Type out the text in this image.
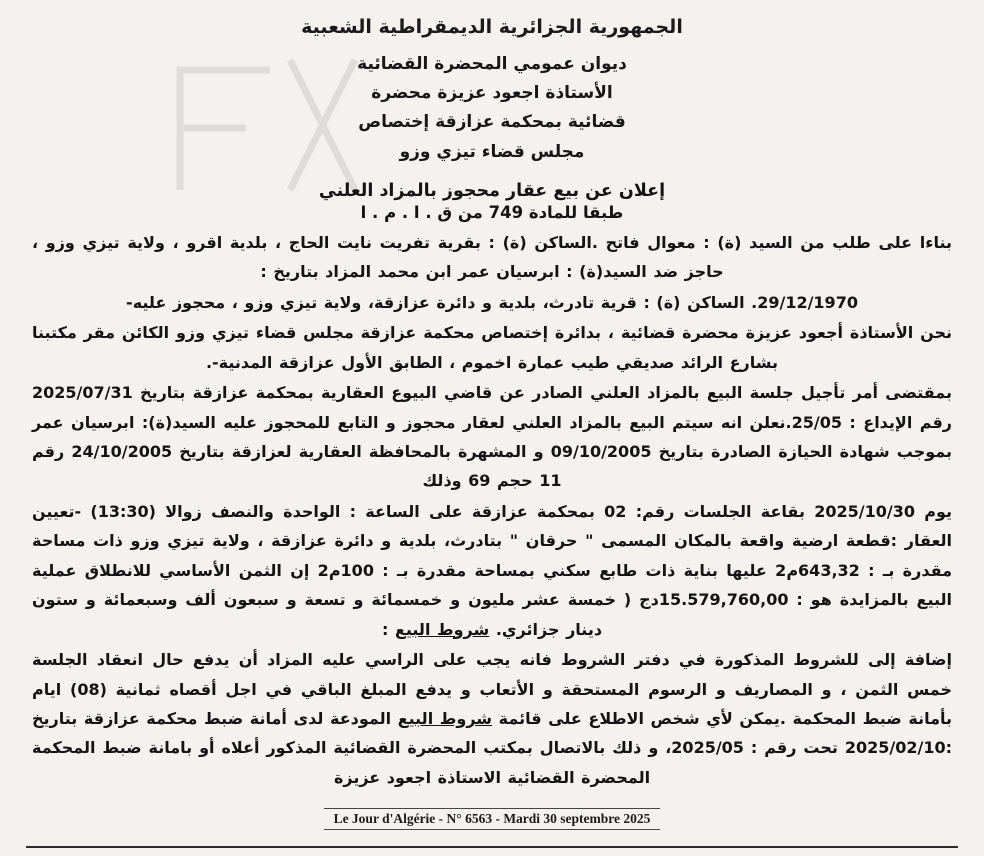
الجمهورية الجزائرية الديمقراطية الشعبية
ديوان عمومي المحضرة القضائية
الأستاذة اجعود عزيزة محضرة
قضائية بمحكمة عزازقة إختصاص
مجلس قضاء تيزي وزو
إعلان عن بيع عقار محجوز بالمزاد العلني
طبقا للمادة 749 من ق . ا . م . ا

بناءا على طلب من السيد (ة) : معوال فاتح .الساكن (ة) : بقرية تفريت نايت الحاج ، بلدية اقرو ، ولاية تيزي وزو ، حاجز ضد السيد(ة) : ابرسيان عمر ابن محمد المزاد بتاريخ :

29/12/1970. الساكن (ة) : قرية تادرث، بلدية و دائرة عزازقة، ولاية تيزي وزو ، محجوز عليه-

نحن الأستاذة أجعود عزيزة محضرة قضائية ، بدائرة إختصاص محكمة عزازقة مجلس قضاء تيزي وزو الكائن مقر مكتبنا بشارع الرائد صديقي طيب عمارة اخموم ، الطابق الأول عزازقة المدنية-.

بمقتضى أمر تأجيل جلسة البيع بالمزاد العلني الصادر عن قاضي البيوع العقارية بمحكمة عزازقة بتاريخ 2025/07/31 رقم الإيداع : 25/05.نعلن انه سيتم البيع بالمزاد العلني لعقار محجوز و التابع للمحجوز عليه السيد(ة): ابرسيان عمر بموجب شهادة الحيازة الصادرة بتاريخ 09/10/2005 و المشهرة بالمحافظة العقارية لعزازقة بتاريخ 24/10/2005 رقم 11 حجم 69 وذلك

يوم 2025/10/30 بقاعة الجلسات رقم: 02 بمحكمة عزازقة على الساعة : الواحدة والنصف زوالا (13:30) -تعيين العقار :قطعة ارضية واقعة بالمكان المسمى " حرقان " بتادرث، بلدية و دائرة عزازقة ، ولاية تيزي وزو ذات مساحة مقدرة بـ : 643,32م2 عليها بناية ذات طابع سكني بمساحة مقدرة بـ : 100م2 إن الثمن الأساسي للانطلاق عملية البيع بالمزايدة هو : 15.579,760,00دج ( خمسة عشر مليون و خمسمائة و تسعة و سبعون ألف وسبعمائة و ستون دينار جزائري. شروط البيع :

إضافة إلى للشروط المذكورة في دفتر الشروط فانه يجب على الراسي عليه المزاد أن يدفع حال انعقاد الجلسة خمس الثمن ، و المصاريف و الرسوم المستحقة و الأتعاب و يدفع المبلغ الباقي في اجل أقصاه ثمانية (08) ايام بأمانة ضبط المحكمة .يمكن لأي شخص الاطلاع على قائمة شروط البيع المودعة لدى أمانة ضبط محكمة عزازقة بتاريخ :2025/02/10 تحت رقم : 2025/05، و ذلك بالاتصال بمكتب المحضرة القضائية المذكور أعلاه أو بامانة ضبط المحكمة المحضرة القضائية الاستاذة اجعود عزيزة

Le Jour d'Algérie - N° 6563 - Mardi 30 septembre 2025
